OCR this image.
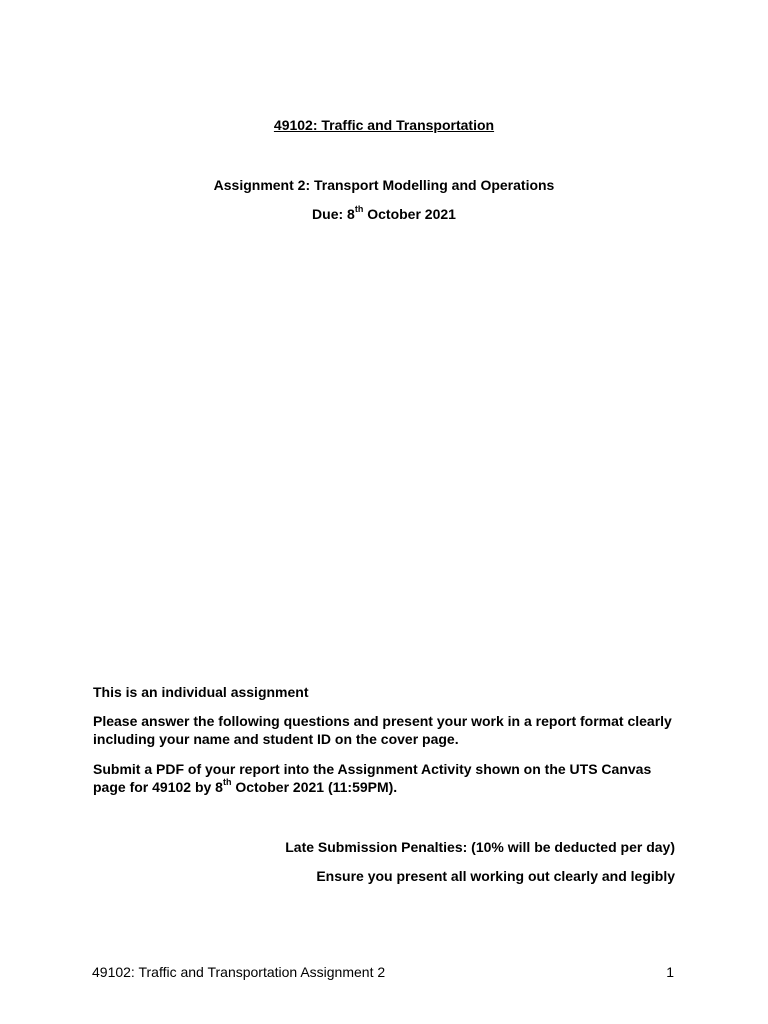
49102: Traffic and Transportation
Assignment 2: Transport Modelling and Operations
Due: 8th October 2021
This is an individual assignment
Please answer the following questions and present your work in a report format clearly including your name and student ID on the cover page.
Submit a PDF of your report into the Assignment Activity shown on the UTS Canvas page for 49102 by 8th October 2021 (11:59PM).
Late Submission Penalties: (10% will be deducted per day)
Ensure you present all working out clearly and legibly
49102: Traffic and Transportation Assignment 2	1
